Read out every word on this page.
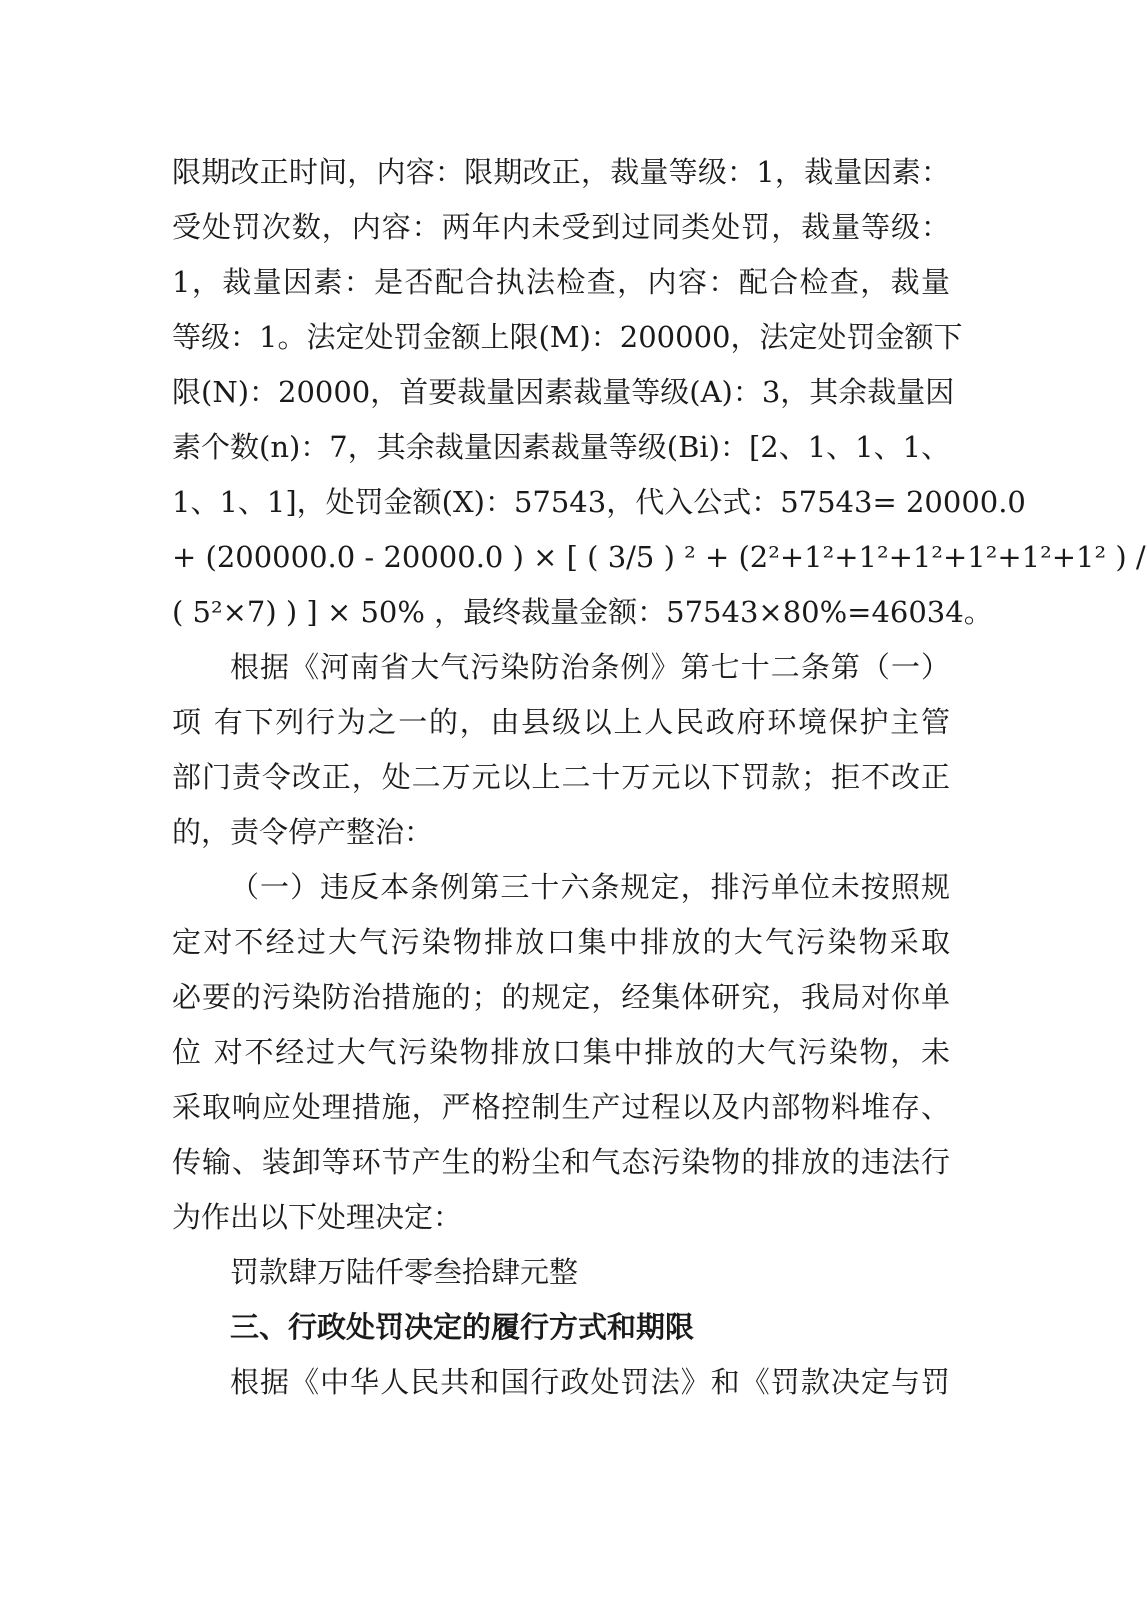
限期改正时间，内容：限期改正，裁量等级：1，裁量因素：
受处罚次数，内容：两年内未受到过同类处罚，裁量等级：
1，裁量因素：是否配合执法检查，内容：配合检查，裁量
等级：1。法定处罚金额上限(M)：200000，法定处罚金额下
限(N)：20000，首要裁量因素裁量等级(A)：3，其余裁量因
素个数(n)：7，其余裁量因素裁量等级(Bi)：[2、1、1、1、
1、1、1]，处罚金额(X)：57543，代入公式：57543= 20000.0
+ (200000.0 - 20000.0 ) × [ ( 3/5 ) ² + (2²+1²+1²+1²+1²+1²+1² ) /
( 5²×7) ) ] × 50% ，最终裁量金额：57543×80%=46034。
根据《河南省大气污染防治条例》第七十二条第（一）
项 有下列行为之一的，由县级以上人民政府环境保护主管
部门责令改正，处二万元以上二十万元以下罚款；拒不改正
的，责令停产整治：
（一）违反本条例第三十六条规定，排污单位未按照规
定对不经过大气污染物排放口集中排放的大气污染物采取
必要的污染防治措施的；的规定，经集体研究，我局对你单
位 对不经过大气污染物排放口集中排放的大气污染物，未
采取响应处理措施，严格控制生产过程以及内部物料堆存、
传输、装卸等环节产生的粉尘和气态污染物的排放的违法行
为作出以下处理决定：
罚款肆万陆仟零叁拾肆元整
三、行政处罚决定的履行方式和期限
根据《中华人民共和国行政处罚法》和《罚款决定与罚
